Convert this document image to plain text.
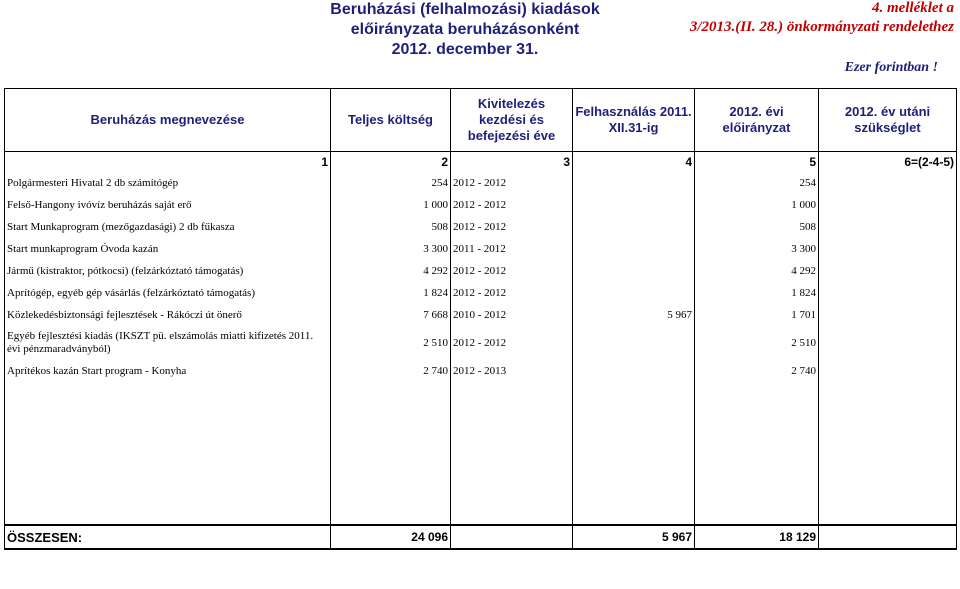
Beruházási (felhalmozási) kiadások
előirányzata beruházásonként
2012. december 31.
4. melléklet a
3/2013.(II. 28.) önkormányzati rendelethez
Ezer forintban !
Beruházás megnevezése	Teljes költség	Kivitelezés kezdési és befejezési éve	Felhasználás 2011. XII.31-ig	2012. évi előirányzat	2012. év utáni szükséglet
1	2	3	4	5	6=(2-4-5)
Polgármesteri Hivatal 2 db számítógép	254	2012 - 2012		254	
Felső-Hangony ivóvíz beruházás saját erő	1 000	2012 - 2012		1 000	
Start Munkaprogram (mezőgazdasági) 2 db fűkasza	508	2012 - 2012		508	
Start munkaprogram Óvoda kazán	3 300	2011 - 2012		3 300	
Jármű (kistraktor, pótkocsi) (felzárkóztató támogatás)	4 292	2012 - 2012		4 292	
Aprítógép, egyéb gép vásárlás (felzárkóztató támogatás)	1 824	2012 - 2012		1 824	
Közlekedésbiztonsági fejlesztések - Rákóczi út önerő	7 668	2010 - 2012	5 967	1 701	
Egyéb fejlesztési kiadás (IKSZT pü. elszámolás miatti kifizetés 2011. évi pénzmaradványból)	2 510	2012 - 2012		2 510	
Aprítékos kazán Start program - Konyha	2 740	2012 - 2013		2 740	

ÖSSZESEN:	24 096		5 967	18 129	
